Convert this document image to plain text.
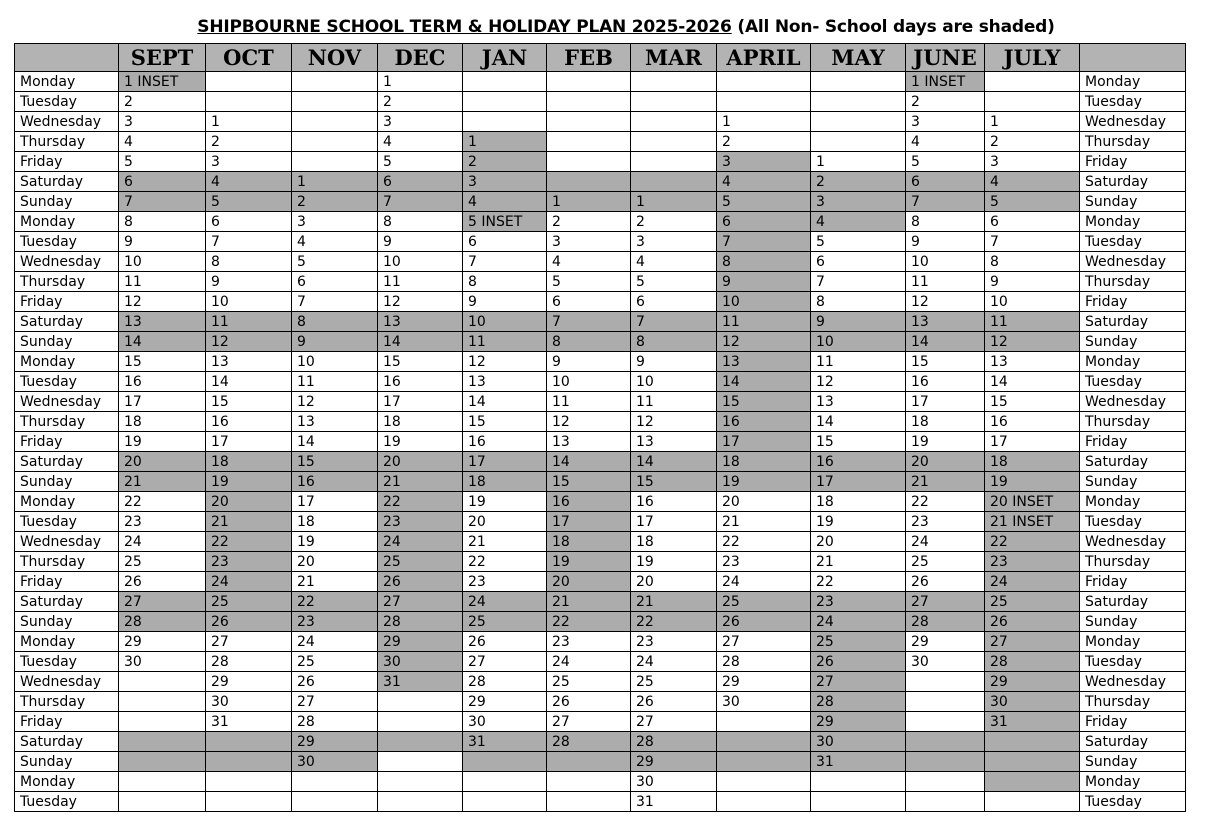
SHIPBOURNE SCHOOL TERM & HOLIDAY PLAN 2025-2026 (All Non- School days are shaded)
	SEPT	OCT	NOV	DEC	JAN	FEB	MAR	APRIL	MAY	JUNE	JULY	
Monday	1 INSET			1						1 INSET		Monday
Tuesday	2			2						2		Tuesday
Wednesday	3	1		3				1		3	1	Wednesday
Thursday	4	2		4	1			2		4	2	Thursday
Friday	5	3		5	2			3	1	5	3	Friday
Saturday	6	4	1	6	3			4	2	6	4	Saturday
Sunday	7	5	2	7	4	1	1	5	3	7	5	Sunday
Monday	8	6	3	8	5 INSET	2	2	6	4	8	6	Monday
Tuesday	9	7	4	9	6	3	3	7	5	9	7	Tuesday
Wednesday	10	8	5	10	7	4	4	8	6	10	8	Wednesday
Thursday	11	9	6	11	8	5	5	9	7	11	9	Thursday
Friday	12	10	7	12	9	6	6	10	8	12	10	Friday
Saturday	13	11	8	13	10	7	7	11	9	13	11	Saturday
Sunday	14	12	9	14	11	8	8	12	10	14	12	Sunday
Monday	15	13	10	15	12	9	9	13	11	15	13	Monday
Tuesday	16	14	11	16	13	10	10	14	12	16	14	Tuesday
Wednesday	17	15	12	17	14	11	11	15	13	17	15	Wednesday
Thursday	18	16	13	18	15	12	12	16	14	18	16	Thursday
Friday	19	17	14	19	16	13	13	17	15	19	17	Friday
Saturday	20	18	15	20	17	14	14	18	16	20	18	Saturday
Sunday	21	19	16	21	18	15	15	19	17	21	19	Sunday
Monday	22	20	17	22	19	16	16	20	18	22	20 INSET	Monday
Tuesday	23	21	18	23	20	17	17	21	19	23	21 INSET	Tuesday
Wednesday	24	22	19	24	21	18	18	22	20	24	22	Wednesday
Thursday	25	23	20	25	22	19	19	23	21	25	23	Thursday
Friday	26	24	21	26	23	20	20	24	22	26	24	Friday
Saturday	27	25	22	27	24	21	21	25	23	27	25	Saturday
Sunday	28	26	23	28	25	22	22	26	24	28	26	Sunday
Monday	29	27	24	29	26	23	23	27	25	29	27	Monday
Tuesday	30	28	25	30	27	24	24	28	26	30	28	Tuesday
Wednesday		29	26	31	28	25	25	29	27		29	Wednesday
Thursday		30	27		29	26	26	30	28		30	Thursday
Friday		31	28		30	27	27		29		31	Friday
Saturday			29		31	28	28		30			Saturday
Sunday			30				29		31			Sunday
Monday							30					Monday
Tuesday							31					Tuesday
